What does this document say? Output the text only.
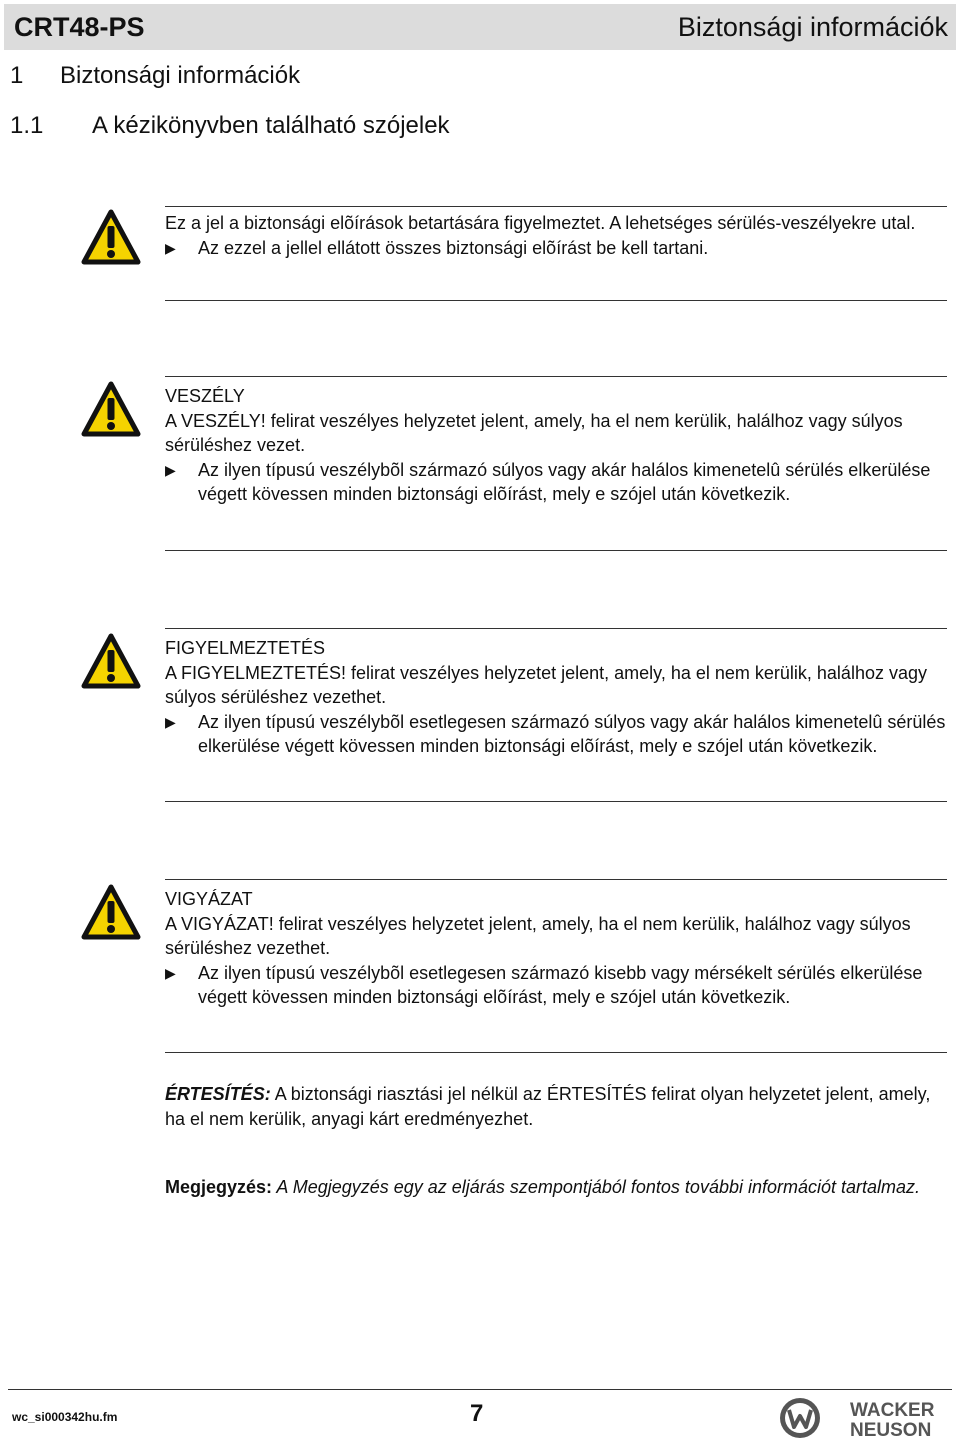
CRT48-PS	Biztonsági információk
1	Biztonsági információk
1.1	A kézikönyvben található szójelek

Ez a jel a biztonsági elõírások betartására figyelmeztet. A lehetséges sérülés-veszélyekre utal.

▶	Az ezzel a jellel ellátott összes biztonsági elõírást be kell tartani.

VESZÉLY

A VESZÉLY! felirat veszélyes helyzetet jelent, amely, ha el nem kerülik, halálhoz vagy súlyos sérüléshez vezet.

▶	Az ilyen típusú veszélybõl származó súlyos vagy akár halálos kimenetelû sérülés elkerülése végett kövessen minden biztonsági elõírást, mely e szójel után következik.

FIGYELMEZTETÉS

A FIGYELMEZTETÉS! felirat veszélyes helyzetet jelent, amely, ha el nem kerülik, halálhoz vagy súlyos sérüléshez vezethet.

▶	Az ilyen típusú veszélybõl esetlegesen származó súlyos vagy akár halálos kimenetelû sérülés elkerülése végett kövessen minden biztonsági elõírást, mely e szójel után következik.

VIGYÁZAT

A VIGYÁZAT! felirat veszélyes helyzetet jelent, amely, ha el nem kerülik, halálhoz vagy súlyos sérüléshez vezethet.

▶	Az ilyen típusú veszélybõl esetlegesen származó kisebb vagy mérsékelt sérülés elkerülése végett kövessen minden biztonsági elõírást, mely e szójel után következik.
ÉRTESÍTÉS: A biztonsági riasztási jel nélkül az ÉRTESÍTÉS felirat olyan helyzetet jelent, amely, ha el nem kerülik, anyagi kárt eredményezhet.
Megjegyzés: A Megjegyzés egy az eljárás szempontjából fontos további információt tartalmaz.
wc_si000342hu.fm	7	WACKER
NEUSON
